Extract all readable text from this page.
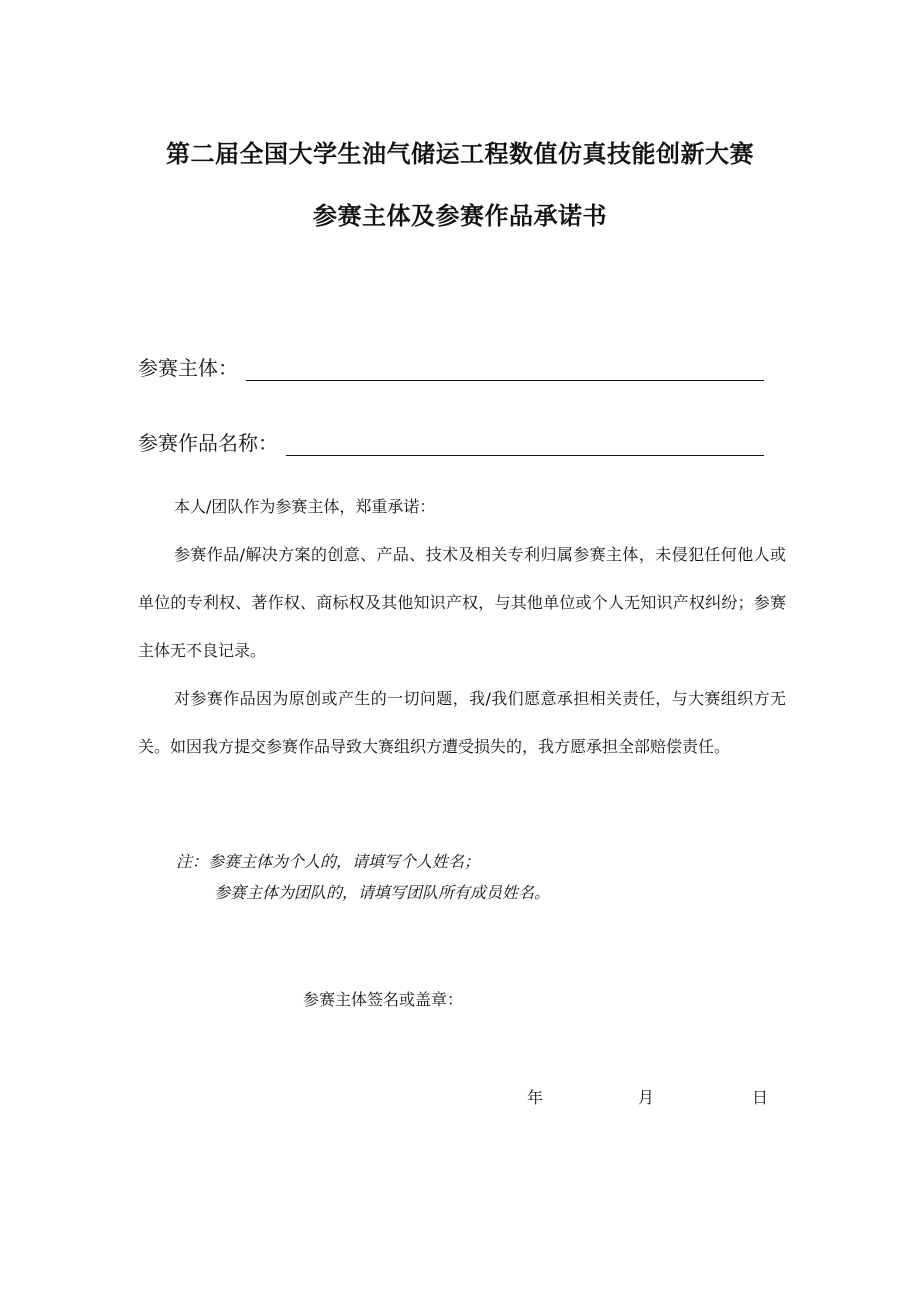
第二届全国大学生油气储运工程数值仿真技能创新大赛
参赛主体及参赛作品承诺书
参赛主体：
参赛作品名称：

本人/团队作为参赛主体，郑重承诺：

参赛作品/解决方案的创意、产品、技术及相关专利归属参赛主体，未侵犯任何他人或单位的专利权、著作权、商标权及其他知识产权，与其他单位或个人无知识产权纠纷；参赛主体无不良记录。

对参赛作品因为原创或产生的一切问题，我/我们愿意承担相关责任，与大赛组织方无关。如因我方提交参赛作品导致大赛组织方遭受损失的，我方愿承担全部赔偿责任。

注：参赛主体为个人的，请填写个人姓名；
参赛主体为团队的，请填写团队所有成员姓名。
参赛主体签名或盖章：
年	月	日
